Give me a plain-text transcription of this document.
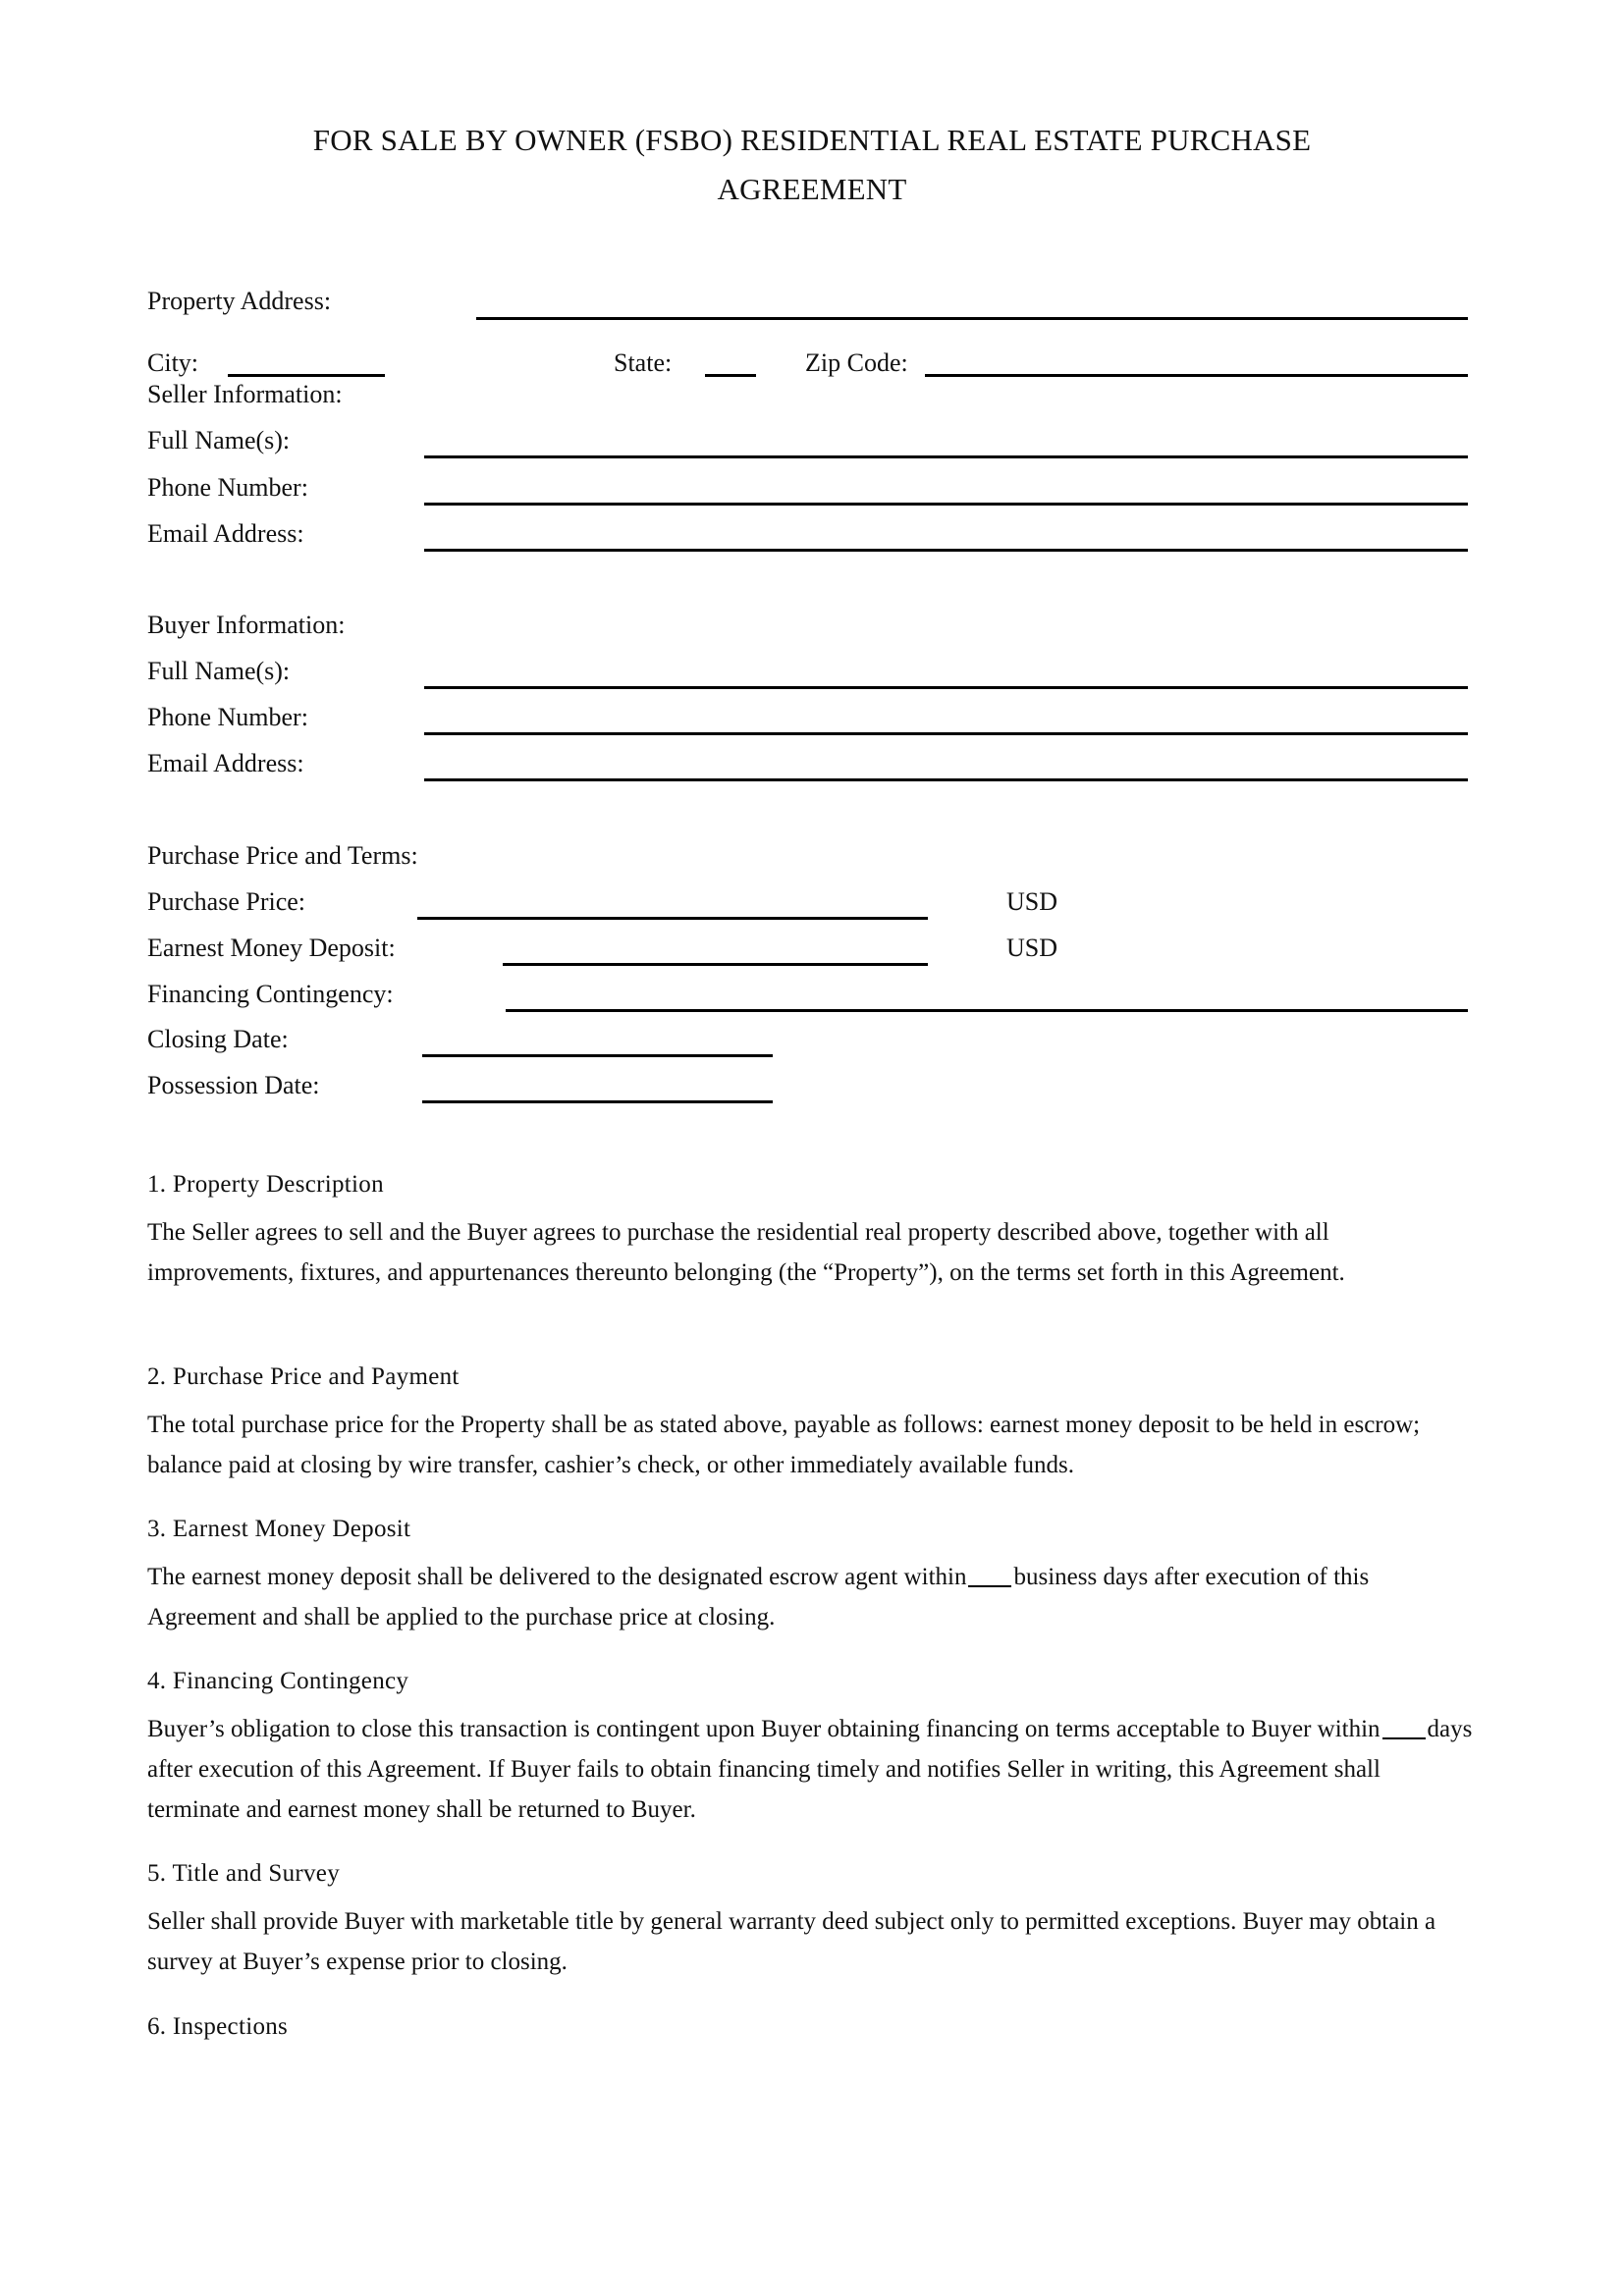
FOR SALE BY OWNER (FSBO) RESIDENTIAL REAL ESTATE PURCHASE AGREEMENT
Property Address:
City:	State:	Zip Code:
Seller Information:
Full Name(s):
Phone Number:
Email Address:
Buyer Information:
Full Name(s):
Phone Number:
Email Address:
Purchase Price and Terms:
Purchase Price:	USD
Earnest Money Deposit:	USD
Financing Contingency:
Closing Date:
Possession Date:
1. Property Description
The Seller agrees to sell and the Buyer agrees to purchase the residential real property described above, together with all improvements, fixtures, and appurtenances thereunto belonging (the “Property”), on the terms set forth in this Agreement.
2. Purchase Price and Payment
The total purchase price for the Property shall be as stated above, payable as follows: earnest money deposit to be held in escrow; balance paid at closing by wire transfer, cashier’s check, or other immediately available funds.
3. Earnest Money Deposit
The earnest money deposit shall be delivered to the designated escrow agent within business days after execution of this Agreement and shall be applied to the purchase price at closing.
4. Financing Contingency
Buyer’s obligation to close this transaction is contingent upon Buyer obtaining financing on terms acceptable to Buyer within days after execution of this Agreement. If Buyer fails to obtain financing timely and notifies Seller in writing, this Agreement shall terminate and earnest money shall be returned to Buyer.
5. Title and Survey
Seller shall provide Buyer with marketable title by general warranty deed subject only to permitted exceptions. Buyer may obtain a survey at Buyer’s expense prior to closing.
6. Inspections
